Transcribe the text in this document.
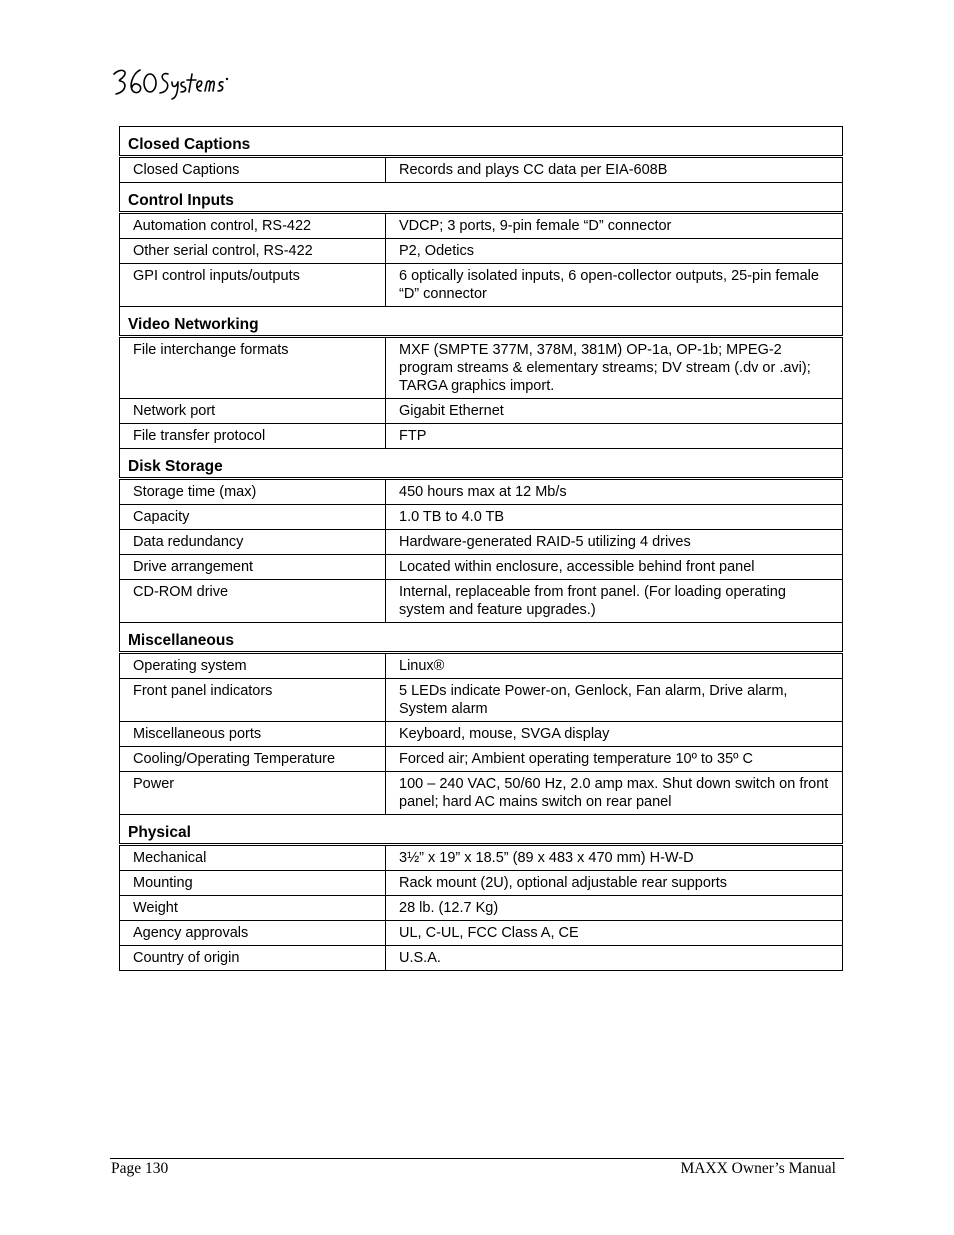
Closed Captions	
Closed Captions	Records and plays CC data per EIA-608B
Control Inputs	
Automation control, RS-422	VDCP; 3 ports, 9-pin female “D” connector
Other serial control, RS-422	P2, Odetics
GPI control inputs/outputs	6 optically isolated inputs, 6 open-collector outputs, 25-pin female “D” connector
Video Networking	
File interchange formats	MXF (SMPTE 377M, 378M, 381M) OP-1a, OP-1b; MPEG-2 program streams & elementary streams; DV stream (.dv or .avi); TARGA graphics import.
Network port	Gigabit Ethernet
File transfer protocol	FTP
Disk Storage	
Storage time (max)	450 hours max at 12 Mb/s
Capacity	1.0 TB to 4.0 TB
Data redundancy	Hardware-generated RAID-5 utilizing 4 drives
Drive arrangement	Located within enclosure, accessible behind front panel
CD-ROM drive	Internal, replaceable from front panel. (For loading operating system and feature upgrades.)
Miscellaneous	
Operating system	Linux®
Front panel indicators	5 LEDs indicate Power-on, Genlock, Fan alarm, Drive alarm, System alarm
Miscellaneous ports	Keyboard, mouse, SVGA display
Cooling/Operating Temperature	Forced air; Ambient operating temperature 10º to 35º C
Power	100 – 240 VAC, 50/60 Hz, 2.0 amp max. Shut down switch on front panel; hard AC mains switch on rear panel
Physical	
Mechanical	3½” x 19” x 18.5” (89 x 483 x 470 mm) H-W-D
Mounting	Rack mount (2U), optional adjustable rear supports
Weight	28 lb. (12.7 Kg)
Agency approvals	UL, C-UL, FCC Class A, CE
Country of origin	U.S.A.
Page 130	MAXX Owner’s Manual
